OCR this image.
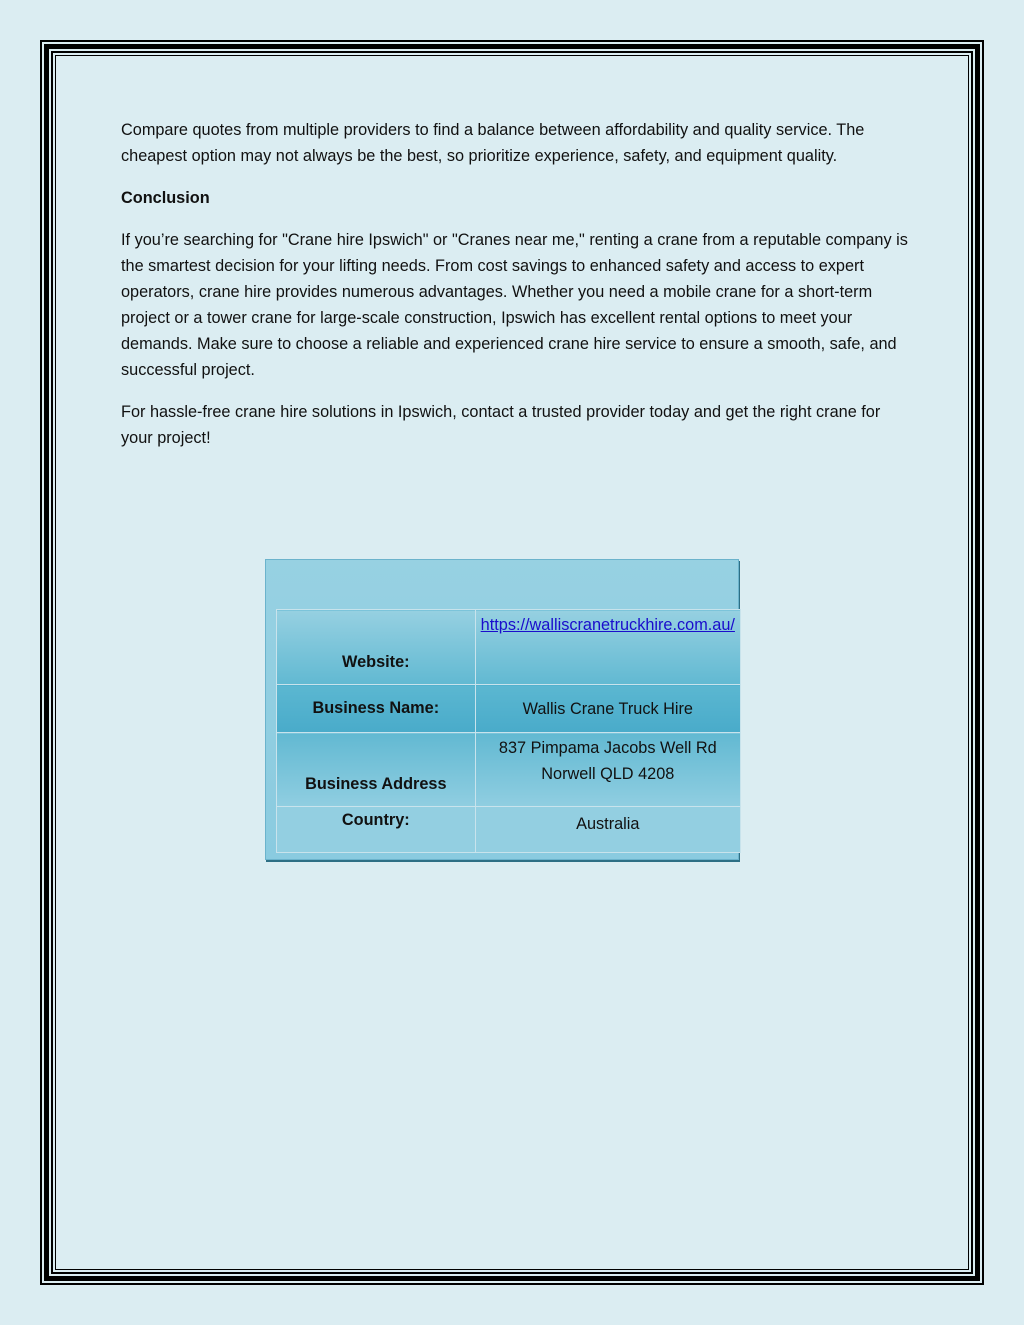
Compare quotes from multiple providers to find a balance between affordability and quality service. The cheapest option may not always be the best, so prioritize experience, safety, and equipment quality.

Conclusion

If you’re searching for "Crane hire Ipswich" or "Cranes near me," renting a crane from a reputable company is the smartest decision for your lifting needs. From cost savings to enhanced safety and access to expert operators, crane hire provides numerous advantages. Whether you need a mobile crane for a short-term project or a tower crane for large-scale construction, Ipswich has excellent rental options to meet your demands. Make sure to choose a reliable and experienced crane hire service to ensure a smooth, safe, and successful project.

For hassle-free crane hire solutions in Ipswich, contact a trusted provider today and get the right crane for your project!

Website:	https://walliscranetruckhire.com.au/
Business Name:	Wallis Crane Truck Hire
Business Address	837 Pimpama Jacobs Well Rd
Norwell QLD 4208

Country:	Australia
